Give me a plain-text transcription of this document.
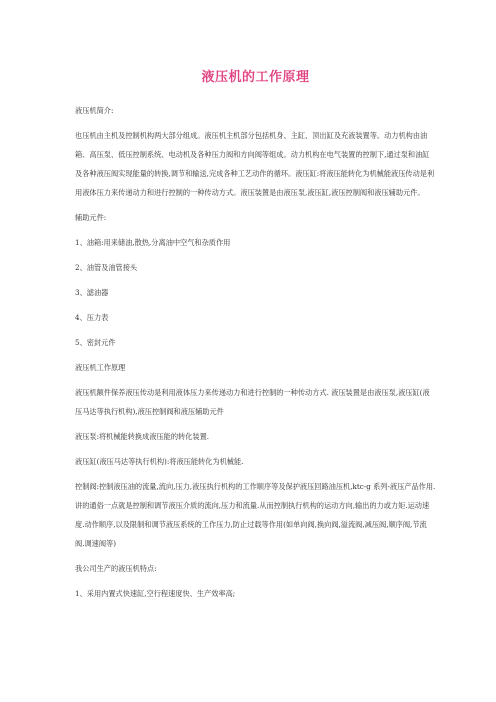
液压机的工作原理
液压机简介:
也压机由主机及控制机构两大部分组成。液压机主机部分包括机身、主缸、顶出缸及充液装置等。动力机构由油箱、高压泵、低压控制系统、电动机及各种压力阀和方向阀等组成。动力机构在电气装置的控制下,通过泵和油缸及各种液压阀实现能量的转换,调节和输送,完成各种工艺动作的循环。液压缸:将液压能转化为机械能液压传动是利用液体压力来传递动力和进行控制的一种传动方式。液压装置是由液压泵,液压缸,液压控制阀和液压辅助元件。
辅助元件:
1、油箱:用来储油,散热,分离油中空气和杂质作用
2、油管及油管接头
3、滤油器
4、压力表
5、密封元件
液压机工作原理
液压机额件保养液压传动是利用液体压力来传递动力和进行控制的一种传动方式. 液压装置是由液压泵,液压缸(液压马达等执行机构),液压控制阀和液压辅助元件
液压泵:将机械能转换成液压能的转化装置.
液压缸(液压马达等执行机构):将液压能转化为机械能.
控制阀:控制液压油的流量,流向,压力,液压执行机构的工作顺序等及保护液压回路油压机,ktc-g 系列-液压产品作用.讲的通俗一点就是控制和调节液压介质的流向,压力和流量.从而控制执行机构的运动方向,输出的力或力矩.运动速度.动作顺序,以及限制和调节液压系统的工作压力,防止过载等作用(如单向阀,换向阀,溢流阀,减压阀,顺序阀,节流阀.调速阀等)
我公司生产的液压机特点:
1、采用内置式快速缸,空行程速度快、生产效率高;
